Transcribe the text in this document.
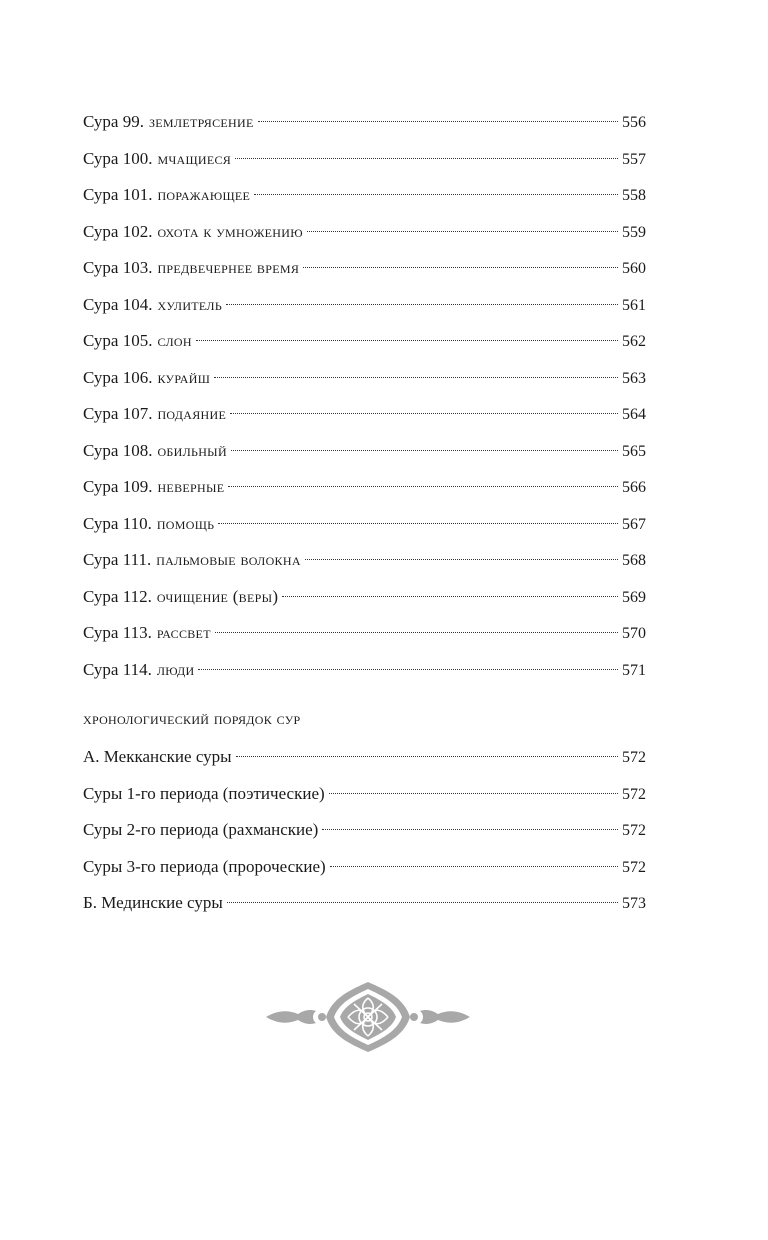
Сура 99. землетрясение	556
Сура 100. мчащиеся	557
Сура 101. поражающее	558
Сура 102. охота к умножению	559
Сура 103. предвечернее время	560
Сура 104. хулитель	561
Сура 105. слон	562
Сура 106. курайш	563
Сура 107. подаяние	564
Сура 108. обильный	565
Сура 109. неверные	566
Сура 110. помощь	567
Сура 111. пальмовые волокна	568
Сура 112. очищение (веры)	569
Сура 113. рассвет	570
Сура 114. люди	571
хронологический порядок сур
А. Мекканские суры	572
Суры 1-го периода (поэтические)	572
Суры 2-го периода (рахманские)	572
Суры 3-го периода (пророческие)	572
Б. Мединские суры	573
